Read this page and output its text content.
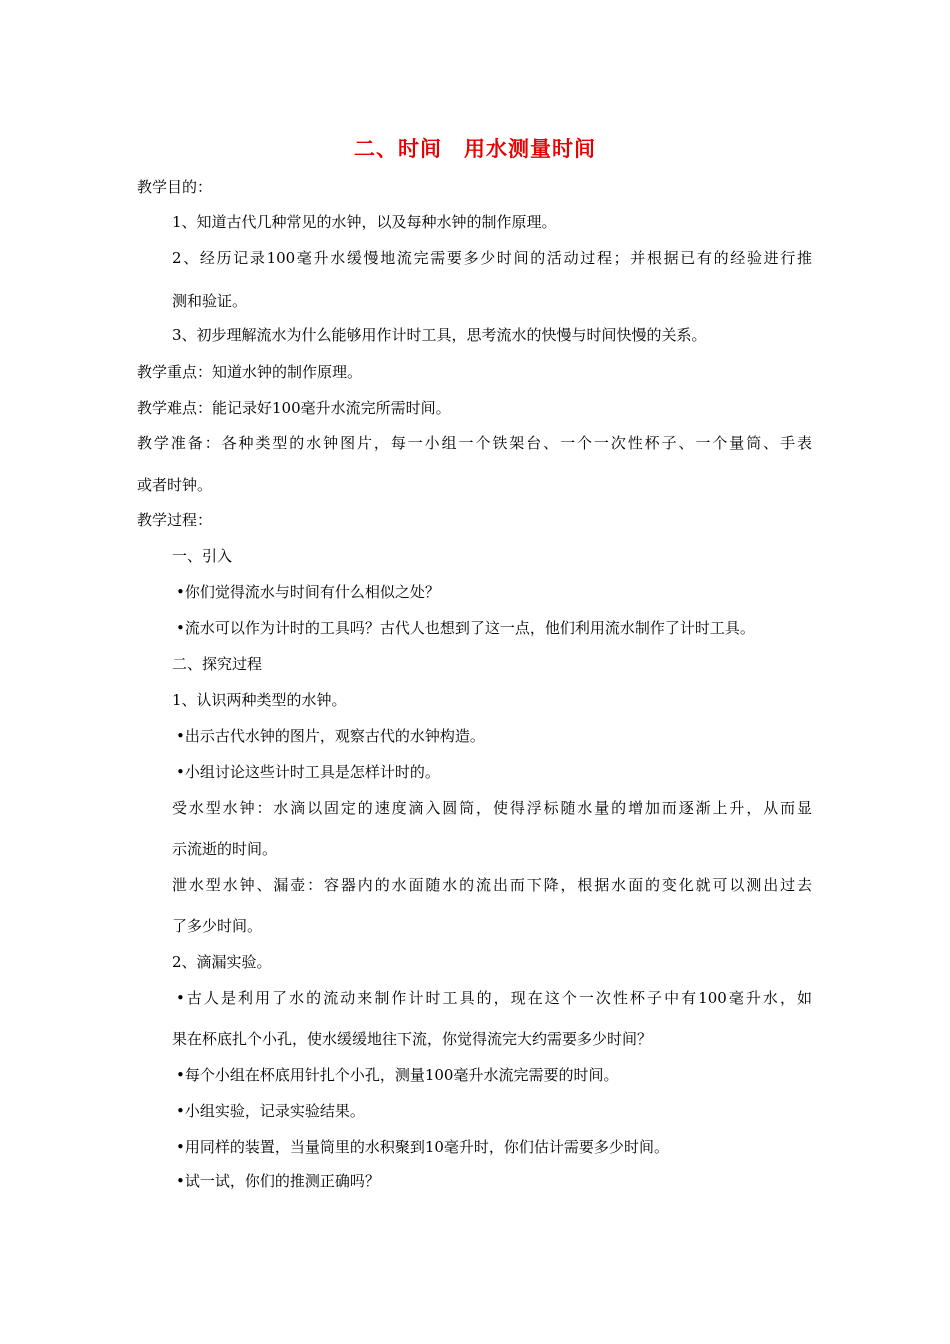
二、时间　用水测量时间
教学目的：
1、知道古代几种常见的水钟，以及每种水钟的制作原理。
2、经历记录100毫升水缓慢地流完需要多少时间的活动过程；并根据已有的经验进行推
测和验证。
3、初步理解流水为什么能够用作计时工具，思考流水的快慢与时间快慢的关系。
教学重点：知道水钟的制作原理。
教学难点：能记录好100毫升水流完所需时间。
教学准备：各种类型的水钟图片，每一小组一个铁架台、一个一次性杯子、一个量筒、手表
或者时钟。
教学过程：
一、引入
•你们觉得流水与时间有什么相似之处？
•流水可以作为计时的工具吗？古代人也想到了这一点，他们利用流水制作了计时工具。
二、探究过程
1、认识两种类型的水钟。
•出示古代水钟的图片，观察古代的水钟构造。
•小组讨论这些计时工具是怎样计时的。
受水型水钟：水滴以固定的速度滴入圆筒，使得浮标随水量的增加而逐渐上升，从而显
示流逝的时间。
泄水型水钟、漏壶：容器内的水面随水的流出而下降，根据水面的变化就可以测出过去
了多少时间。
2、滴漏实验。
•古人是利用了水的流动来制作计时工具的，现在这个一次性杯子中有100毫升水，如
果在杯底扎个小孔，使水缓缓地往下流，你觉得流完大约需要多少时间？
•每个小组在杯底用针扎个小孔，测量100毫升水流完需要的时间。
•小组实验，记录实验结果。
•用同样的装置，当量筒里的水积聚到10毫升时，你们估计需要多少时间。
•试一试，你们的推测正确吗？
